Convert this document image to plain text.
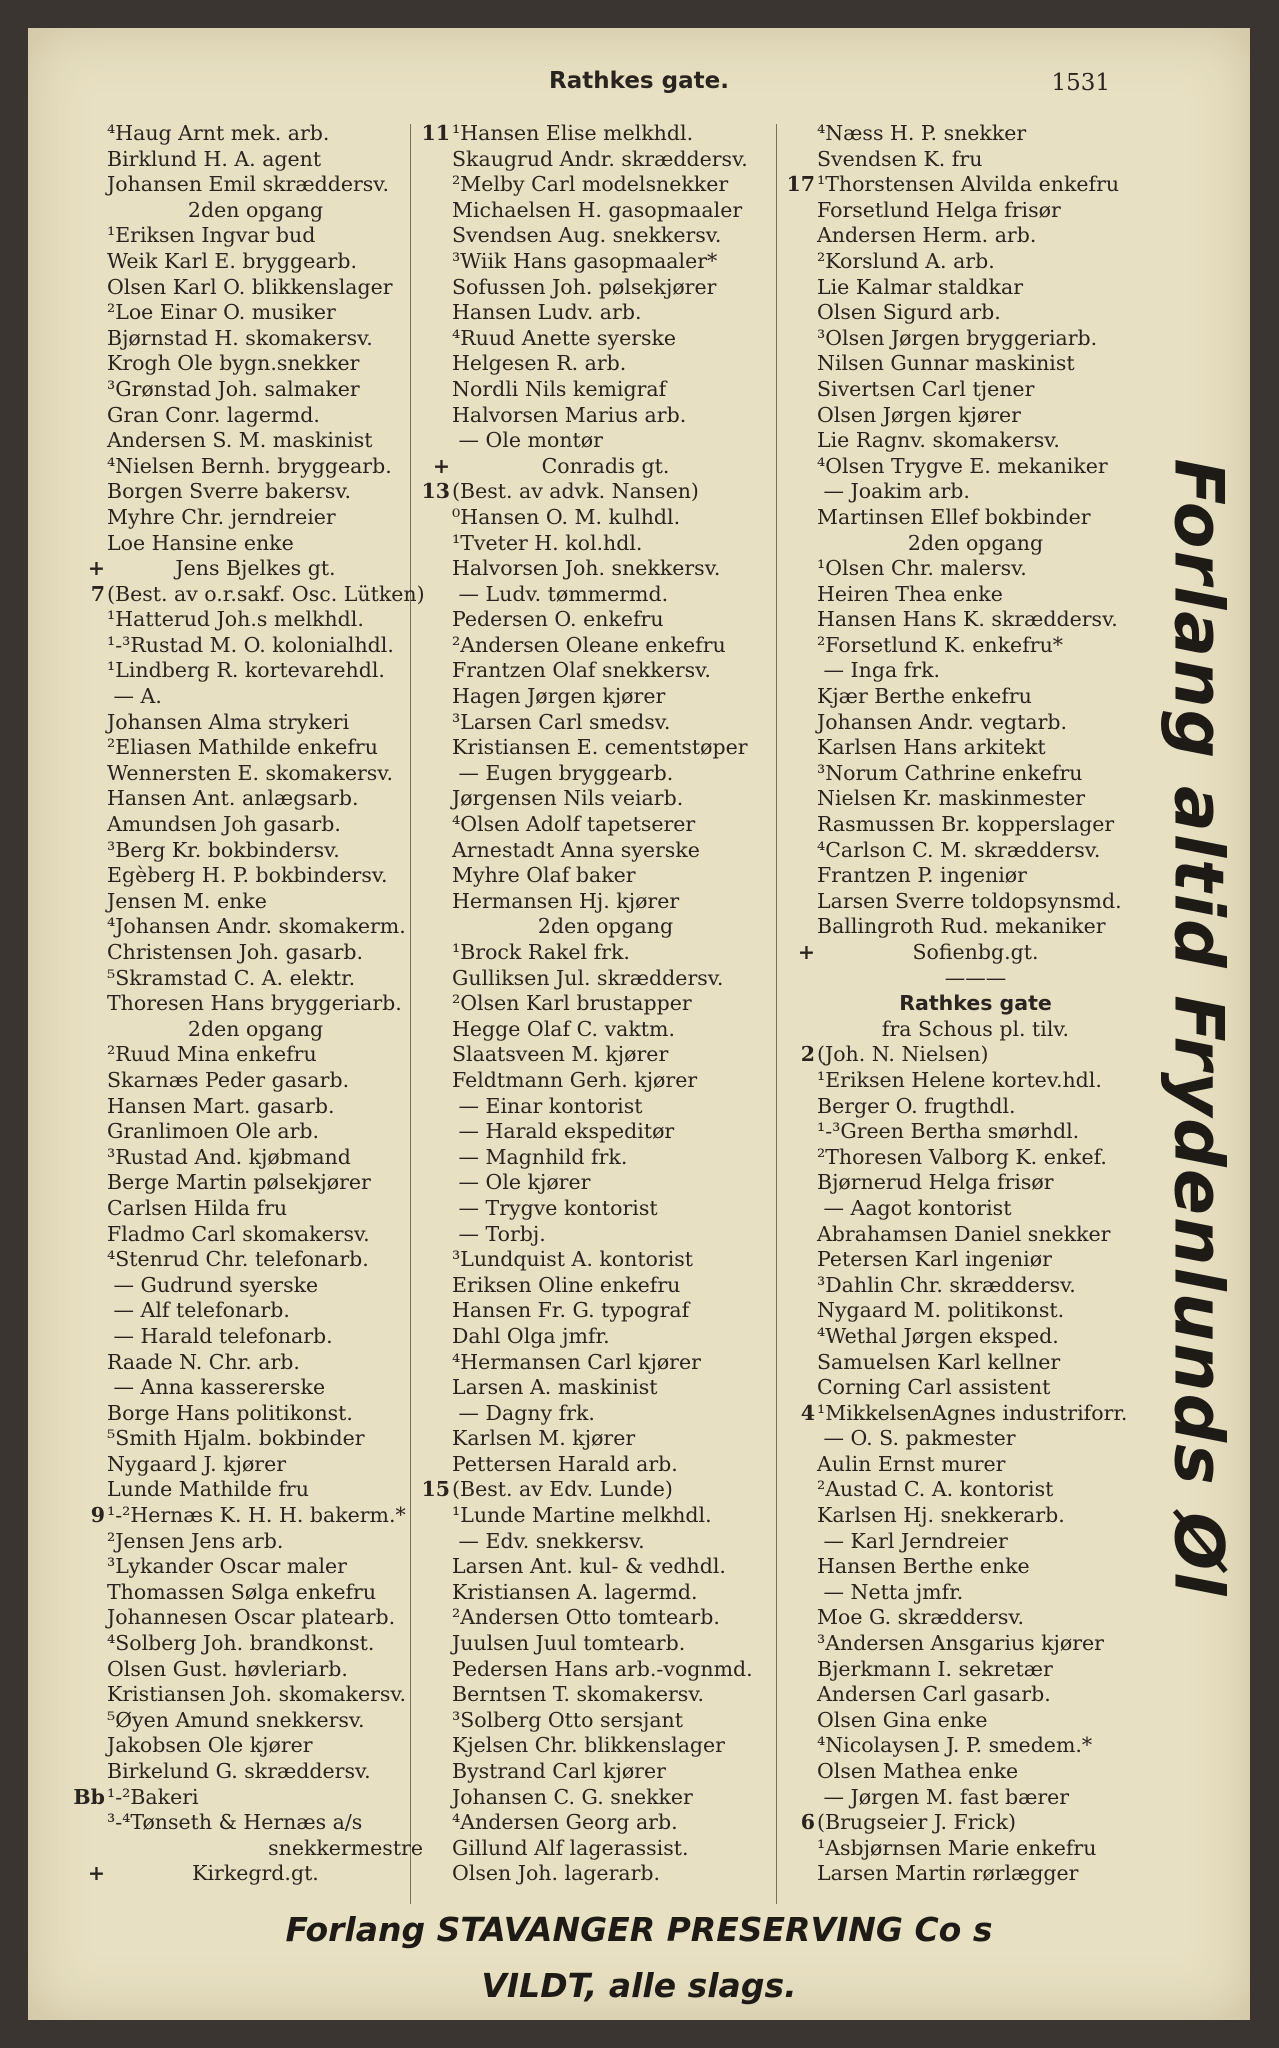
Rathkes gate.	1531
⁴Haug Arnt mek. arb.
Birklund H. A. agent
Johansen Emil skræddersv.
2den opgang
¹Eriksen Ingvar bud
Weik Karl E. bryggearb.
Olsen Karl O. blikkenslager
²Loe Einar O. musiker
Bjørnstad H. skomakersv.
Krogh Ole bygn.snekker
³Grønstad Joh. salmaker
Gran Conr. lagermd.
Andersen S. M. maskinist
⁴Nielsen Bernh. bryggearb.
Borgen Sverre bakersv.
Myhre Chr. jerndreier
Loe Hansine enke
+	Jens Bjelkes gt.
7(Best. av o.r.sakf. Osc. Lütken)
¹Hatterud Joh.s melkhdl.
¹-³Rustad M. O. kolonialhdl.
¹Lindberg R. kortevarehdl.
— A.
Johansen Alma strykeri
²Eliasen Mathilde enkefru
Wennersten E. skomakersv.
Hansen Ant. anlægsarb.
Amundsen Joh gasarb.
³Berg Kr. bokbindersv.
Egèberg H. P. bokbindersv.
Jensen M. enke
⁴Johansen Andr. skomakerm.
Christensen Joh. gasarb.
⁵Skramstad C. A. elektr.
Thoresen Hans bryggeriarb.
2den opgang
²Ruud Mina enkefru
Skarnæs Peder gasarb.
Hansen Mart. gasarb.
Granlimoen Ole arb.
³Rustad And. kjøbmand
Berge Martin pølsekjører
Carlsen Hilda fru
Fladmo Carl skomakersv.
⁴Stenrud Chr. telefonarb.
— Gudrund syerske
— Alf telefonarb.
— Harald telefonarb.
Raade N. Chr. arb.
— Anna kassererske
Borge Hans politikonst.
⁵Smith Hjalm. bokbinder
Nygaard J. kjører
Lunde Mathilde fru
9¹-²Hernæs K. H. H. bakerm.*
²Jensen Jens arb.
³Lykander Oscar maler
Thomassen Sølga enkefru
Johannesen Oscar platearb.
⁴Solberg Joh. brandkonst.
Olsen Gust. høvleriarb.
Kristiansen Joh. skomakersv.
⁵Øyen Amund snekkersv.
Jakobsen Ole kjører
Birkelund G. skræddersv.
Bb¹-²Bakeri
³-⁴Tønseth & Hernæs a/s
snekkermestre
+	Kirkegrd.gt.
11¹Hansen Elise melkhdl.
Skaugrud Andr. skræddersv.
²Melby Carl modelsnekker
Michaelsen H. gasopmaaler
Svendsen Aug. snekkersv.
³Wiik Hans gasopmaaler*
Sofussen Joh. pølsekjører
Hansen Ludv. arb.
⁴Ruud Anette syerske
Helgesen R. arb.
Nordli Nils kemigraf
Halvorsen Marius arb.
— Ole montør
+	Conradis gt.
13(Best. av advk. Nansen)
⁰Hansen O. M. kulhdl.
¹Tveter H. kol.hdl.
Halvorsen Joh. snekkersv.
— Ludv. tømmermd.
Pedersen O. enkefru
²Andersen Oleane enkefru
Frantzen Olaf snekkersv.
Hagen Jørgen kjører
³Larsen Carl smedsv.
Kristiansen E. cementstøper
— Eugen bryggearb.
Jørgensen Nils veiarb.
⁴Olsen Adolf tapetserer
Arnestadt Anna syerske
Myhre Olaf baker
Hermansen Hj. kjører
2den opgang
¹Brock Rakel frk.
Gulliksen Jul. skræddersv.
²Olsen Karl brustapper
Hegge Olaf C. vaktm.
Slaatsveen M. kjører
Feldtmann Gerh. kjører
— Einar kontorist
— Harald ekspeditør
— Magnhild frk.
— Ole kjører
— Trygve kontorist
— Torbj.
³Lundquist A. kontorist
Eriksen Oline enkefru
Hansen Fr. G. typograf
Dahl Olga jmfr.
⁴Hermansen Carl kjører
Larsen A. maskinist
— Dagny frk.
Karlsen M. kjører
Pettersen Harald arb.
15(Best. av Edv. Lunde)
¹Lunde Martine melkhdl.
— Edv. snekkersv.
Larsen Ant. kul- & vedhdl.
Kristiansen A. lagermd.
²Andersen Otto tomtearb.
Juulsen Juul tomtearb.
Pedersen Hans arb.-vognmd.
Berntsen T. skomakersv.
³Solberg Otto sersjant
Kjelsen Chr. blikkenslager
Bystrand Carl kjører
Johansen C. G. snekker
⁴Andersen Georg arb.
Gillund Alf lagerassist.
Olsen Joh. lagerarb.
⁴Næss H. P. snekker
Svendsen K. fru
17¹Thorstensen Alvilda enkefru
Forsetlund Helga frisør
Andersen Herm. arb.
²Korslund A. arb.
Lie Kalmar staldkar
Olsen Sigurd arb.
³Olsen Jørgen bryggeriarb.
Nilsen Gunnar maskinist
Sivertsen Carl tjener
Olsen Jørgen kjører
Lie Ragnv. skomakersv.
⁴Olsen Trygve E. mekaniker
— Joakim arb.
Martinsen Ellef bokbinder
2den opgang
¹Olsen Chr. malersv.
Heiren Thea enke
Hansen Hans K. skræddersv.
²Forsetlund K. enkefru*
— Inga frk.
Kjær Berthe enkefru
Johansen Andr. vegtarb.
Karlsen Hans arkitekt
³Norum Cathrine enkefru
Nielsen Kr. maskinmester
Rasmussen Br. kopperslager
⁴Carlson C. M. skræddersv.
Frantzen P. ingeniør
Larsen Sverre toldopsynsmd.
Ballingroth Rud. mekaniker
+	Sofienbg.gt.
———
Rathkes gate
fra Schous pl. tilv.
2(Joh. N. Nielsen)
¹Eriksen Helene kortev.hdl.
Berger O. frugthdl.
¹-³Green Bertha smørhdl.
²Thoresen Valborg K. enkef.
Bjørnerud Helga frisør
— Aagot kontorist
Abrahamsen Daniel snekker
Petersen Karl ingeniør
³Dahlin Chr. skræddersv.
Nygaard M. politikonst.
⁴Wethal Jørgen eksped.
Samuelsen Karl kellner
Corning Carl assistent
4¹MikkelsenAgnes industriforr.
— O. S. pakmester
Aulin Ernst murer
²Austad C. A. kontorist
Karlsen Hj. snekkerarb.
— Karl Jerndreier
Hansen Berthe enke
— Netta jmfr.
Moe G. skræddersv.
³Andersen Ansgarius kjører
Bjerkmann I. sekretær
Andersen Carl gasarb.
Olsen Gina enke
⁴Nicolaysen J. P. smedem.*
Olsen Mathea enke
— Jørgen M. fast bærer
6(Brugseier J. Frick)
¹Asbjørnsen Marie enkefru
Larsen Martin rørlægger
Forlang altid Frydenlunds Øl
Forlang STAVANGER PRESERVING Co s
VILDT, alle slags.
